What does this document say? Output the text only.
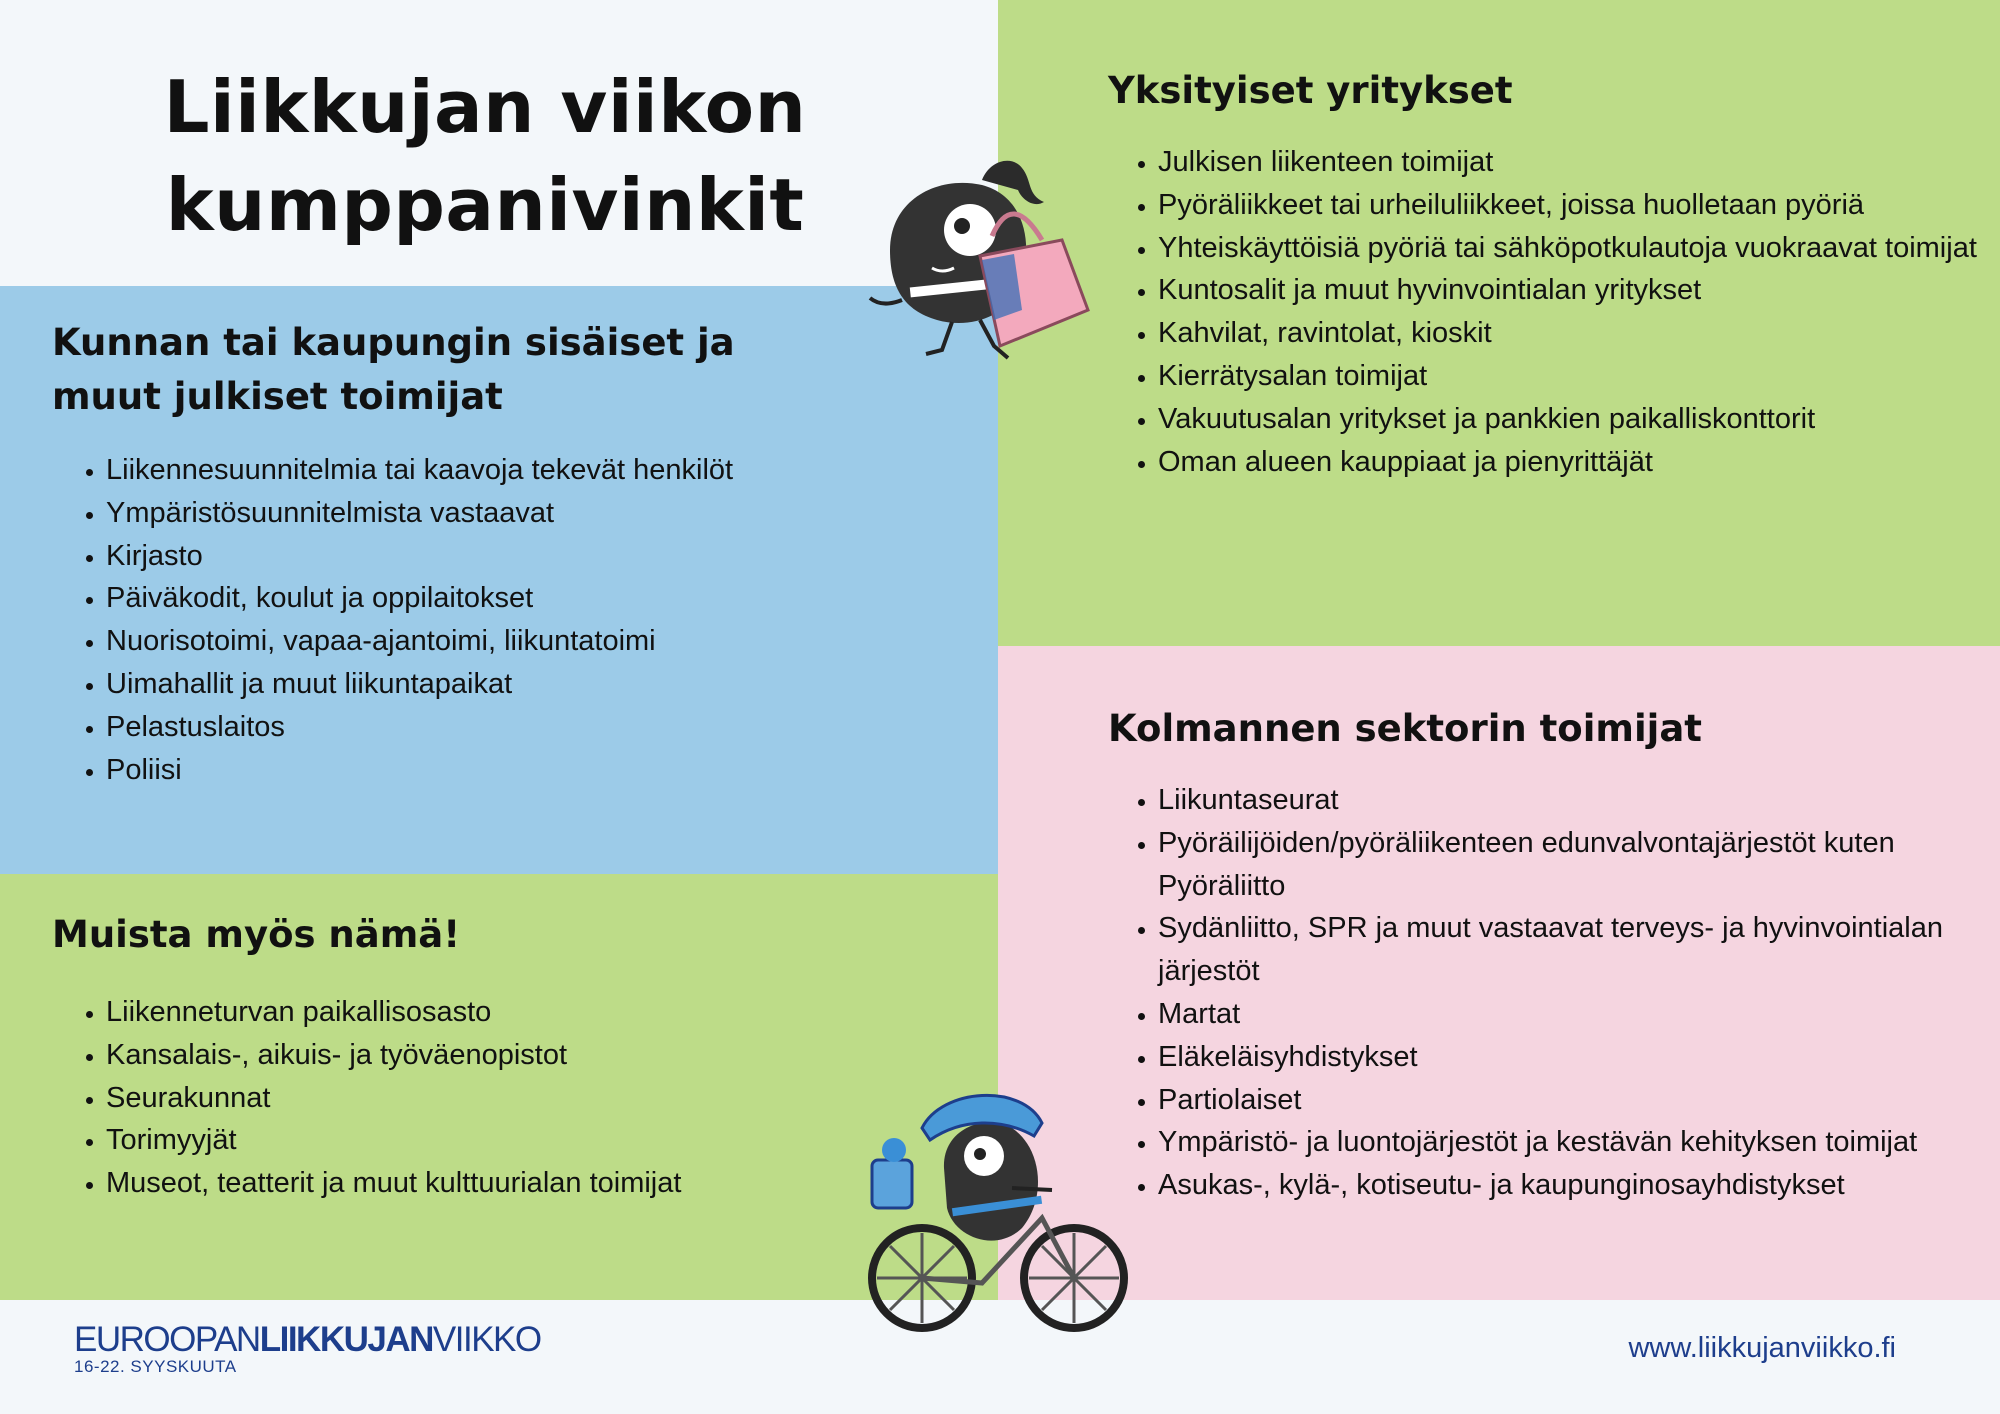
Liikkujan viikon
kumppanivinkit
Kunnan tai kaupungin sisäiset ja
muut julkiset toimijat
• Liikennesuunnitelmia tai kaavoja tekevät henkilöt
• Ympäristösuunnitelmista vastaavat
• Kirjasto
• Päiväkodit, koulut ja oppilaitokset
• Nuorisotoimi, vapaa-ajantoimi, liikuntatoimi
• Uimahallit ja muut liikuntapaikat
• Pelastuslaitos
• Poliisi
Muista myös nämä!
• Liikenneturvan paikallisosasto
• Kansalais-, aikuis- ja työväenopistot
• Seurakunnat
• Torimyyjät
• Museot, teatterit ja muut kulttuurialan toimijat
Yksityiset yritykset
• Julkisen liikenteen toimijat
• Pyöräliikkeet tai urheiluliikkeet, joissa huolletaan pyöriä
• Yhteiskäyttöisiä pyöriä tai sähköpotkulautoja vuokraavat toimijat
• Kuntosalit ja muut hyvinvointialan yritykset
• Kahvilat, ravintolat, kioskit
• Kierrätysalan toimijat
• Vakuutusalan yritykset ja pankkien paikalliskonttorit
• Oman alueen kauppiaat ja pienyrittäjät
Kolmannen sektorin toimijat
• Liikuntaseurat
• Pyöräilijöiden/pyöräliikenteen edunvalvontajärjestöt kuten Pyöräliitto
• Sydänliitto, SPR ja muut vastaavat terveys- ja hyvinvointialan järjestöt
• Martat
• Eläkeläisyhdistykset
• Partiolaiset
• Ympäristö- ja luontojärjestöt ja kestävän kehityksen toimijat
• Asukas-, kylä-, kotiseutu- ja kaupunginosayhdistykset
EUROOPANLIIKKUJANVIIKKO
16-22. SYYSKUUTA
www.liikkujanviikko.fi
